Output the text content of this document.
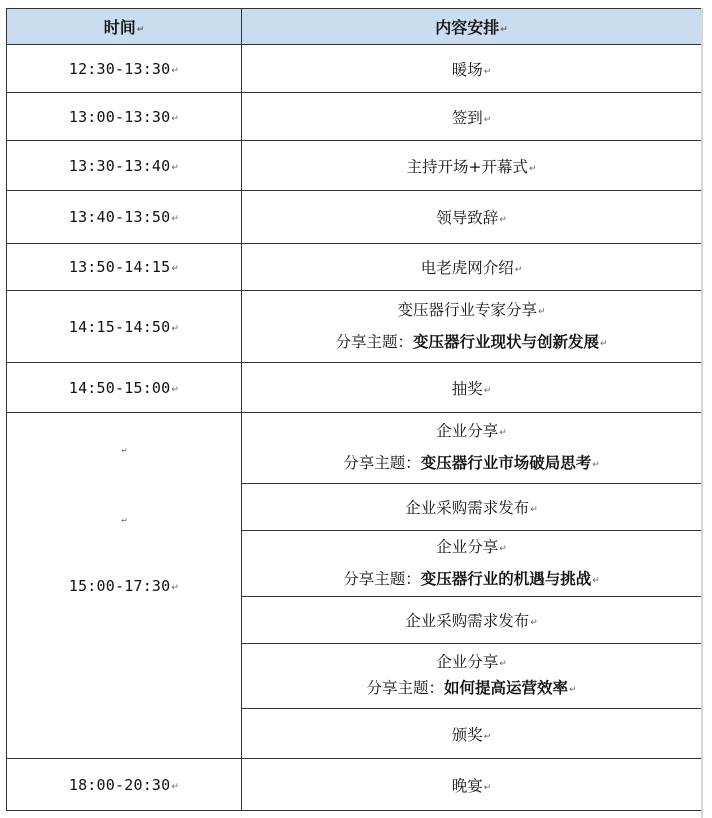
时间↵	内容安排↵
12:30-13:30↵	暖场↵
13:00-13:30↵	签到↵
13:30-13:40↵	主持开场+开幕式↵
13:40-13:50↵	领导致辞↵
13:50-14:15↵	电老虎网介绍↵
14:15-14:50↵	变压器行业专家分享↵
分享主题：变压器行业现状与创新发展↵

14:50-15:00↵	抽奖↵

↵
↵
15:00-17:30↵	企业分享↵
分享主题：变压器行业市场破局思考↵

	企业采购需求发布↵

	企业分享↵
分享主题：变压器行业的机遇与挑战↵

	企业采购需求发布↵

	企业分享↵
分享主题：如何提高运营效率↵

	颁奖↵
18:00-20:30↵	晚宴↵
